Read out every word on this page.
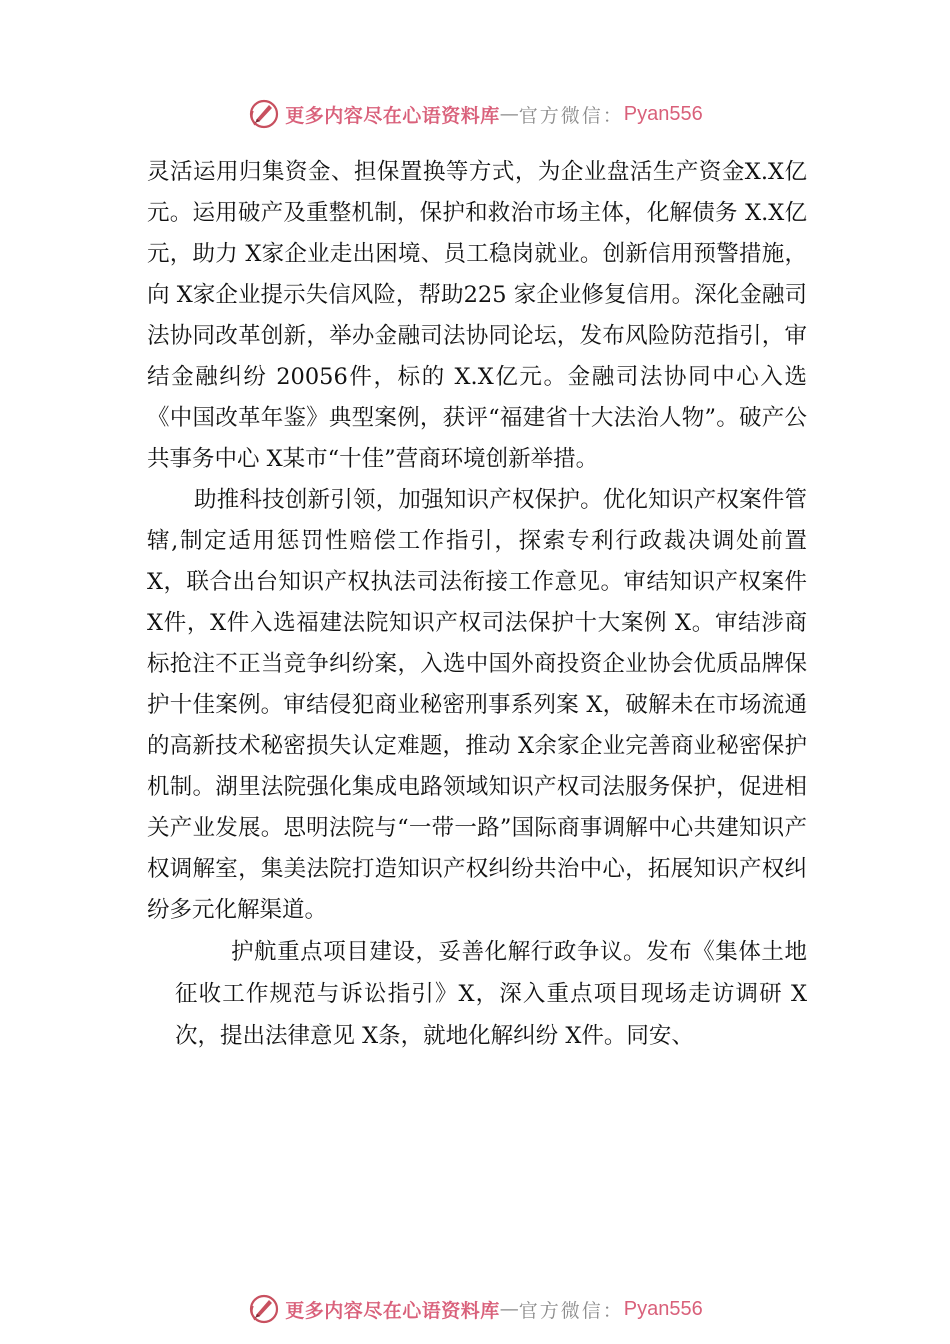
更多内容尽在心语资料库 — 官方微信： Pyan556

灵活运用归集资金、担保置换等方式，为企业盘活生产资金X.X亿元。运用破产及重整机制，保护和救治市场主体，化解债务 X.X亿元，助力 X家企业走出困境、员工稳岗就业。创新信用预警措施，向 X家企业提示失信风险，帮助225 家企业修复信用。深化金融司法协同改革创新，举办金融司法协同论坛，发布风险防范指引，审结金融纠纷 20056件，标的 X.X亿元。金融司法协同中心入选《中国改革年鉴》典型案例，获评“福建省十大法治人物”。破产公共事务中心 X某市“十佳”营商环境创新举措。

助推科技创新引领，加强知识产权保护。优化知识产权案件管辖,制定适用惩罚性赔偿工作指引，探索专利行政裁决调处前置 X，联合出台知识产权执法司法衔接工作意见。审结知识产权案件 X件，X件入选福建法院知识产权司法保护十大案例 X。审结涉商标抢注不正当竞争纠纷案，入选中国外商投资企业协会优质品牌保护十佳案例。审结侵犯商业秘密刑事系列案 X，破解未在市场流通的高新技术秘密损失认定难题，推动 X余家企业完善商业秘密保护机制。湖里法院强化集成电路领域知识产权司法服务保护，促进相关产业发展。思明法院与“一带一路”国际商事调解中心共建知识产权调解室，集美法院打造知识产权纠纷共治中心，拓展知识产权纠纷多元化解渠道。

护航重点项目建设，妥善化解行政争议。发布《集体土地征收工作规范与诉讼指引》X，深入重点项目现场走访调研 X次，提出法律意见 X条，就地化解纠纷 X件。同安、

更多内容尽在心语资料库 — 官方微信： Pyan556
